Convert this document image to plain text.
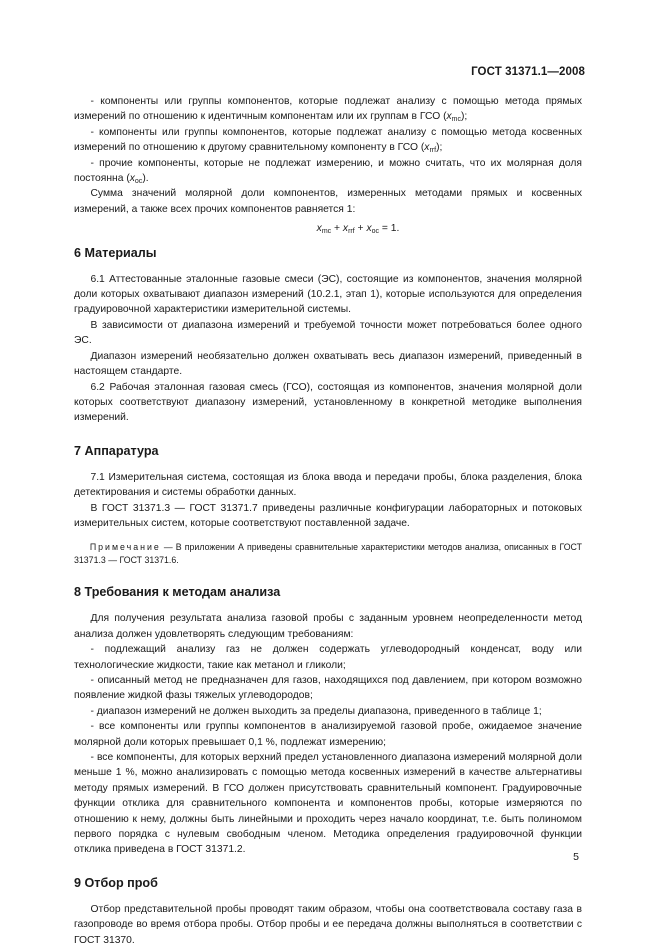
ГОСТ 31371.1—2008

- компоненты или группы компонентов, которые подлежат анализу с помощью метода прямых измерений по отношению к идентичным компонентам или их группам в ГСО $(x_{mc})$;

- компоненты или группы компонентов, которые подлежат анализу с помощью метода косвенных измерений по отношению к другому сравнительному компоненту в ГСО $(x_{rrf})$;

- прочие компоненты, которые не подлежат измерению, и можно считать, что их молярная доля постоянна $(x_{oc})$.

Сумма значений молярной доли компонентов, измеренных методами прямых и косвенных измерений, а также всех прочих компонентов равняется 1:

$x_{mc} + x_{rrf} + x_{oc} = 1$.

6 Материалы

6.1 Аттестованные эталонные газовые смеси (ЭС), состоящие из компонентов, значения молярной доли которых охватывают диапазон измерений (10.2.1, этап 1), которые используются для определения градуировочной характеристики измерительной системы.

В зависимости от диапазона измерений и требуемой точности может потребоваться более одного ЭС.

Диапазон измерений необязательно должен охватывать весь диапазон измерений, приведенный в настоящем стандарте.

6.2 Рабочая эталонная газовая смесь (ГСО), состоящая из компонентов, значения молярной доли которых соответствуют диапазону измерений, установленному в конкретной методике выполнения измерений.

7 Аппаратура

7.1 Измерительная система, состоящая из блока ввода и передачи пробы, блока разделения, блока детектирования и системы обработки данных.

В ГОСТ 31371.3 — ГОСТ 31371.7 приведены различные конфигурации лабораторных и потоковых измерительных систем, которые соответствуют поставленной задаче.

Примечание — В приложении А приведены сравнительные характеристики методов анализа, описанных в ГОСТ 31371.3 — ГОСТ 31371.6.

8 Требования к методам анализа

Для получения результата анализа газовой пробы с заданным уровнем неопределенности метод анализа должен удовлетворять следующим требованиям:

- подлежащий анализу газ не должен содержать углеводородный конденсат, воду или технологические жидкости, такие как метанол и гликоли;

- описанный метод не предназначен для газов, находящихся под давлением, при котором возможно появление жидкой фазы тяжелых углеводородов;

- диапазон измерений не должен выходить за пределы диапазона, приведенного в таблице 1;

- все компоненты или группы компонентов в анализируемой газовой пробе, ожидаемое значение молярной доли которых превышает 0,1 %, подлежат измерению;

- все компоненты, для которых верхний предел установленного диапазона измерений молярной доли меньше 1 %, можно анализировать с помощью метода косвенных измерений в качестве альтернативы методу прямых измерений. В ГСО должен присутствовать сравнительный компонент. Градуировочные функции отклика для сравнительного компонента и компонентов пробы, которые измеряются по отношению к нему, должны быть линейными и проходить через начало координат, т.е. быть полиномом первого порядка с нулевым свободным членом. Методика определения градуировочной функции отклика приведена в ГОСТ 31371.2.

9 Отбор проб

Отбор представительной пробы проводят таким образом, чтобы она соответствовала составу газа в газопроводе во время отбора пробы. Отбор пробы и ее передача должны выполняться в соответствии с ГОСТ 31370.

5
